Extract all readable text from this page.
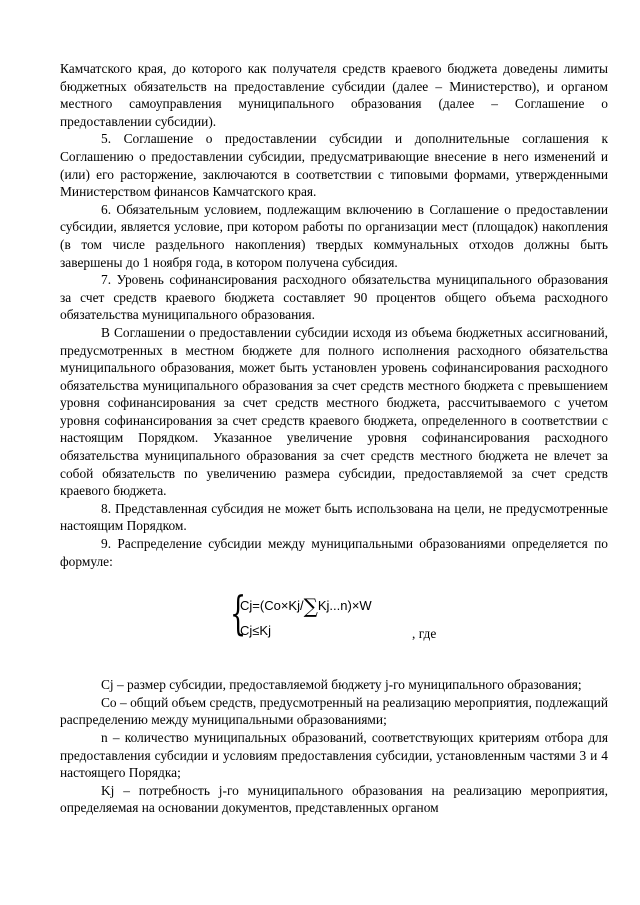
Камчатского края, до которого как получателя средств краевого бюджета доведены лимиты бюджетных обязательств на предоставление субсидии (далее – Министерство), и органом местного самоуправления муниципального образования (далее – Соглашение о предоставлении субсидии).

5. Соглашение о предоставлении субсидии и дополнительные соглашения к Соглашению о предоставлении субсидии, предусматривающие внесение в него изменений и (или) его расторжение, заключаются в соответствии с типовыми формами, утвержденными Министерством финансов Камчатского края.

6. Обязательным условием, подлежащим включению в Соглашение о предоставлении субсидии, является условие, при котором работы по организации мест (площадок) накопления (в том числе раздельного накопления) твердых коммунальных отходов должны быть завершены до 1 ноября года, в котором получена субсидия.

7. Уровень софинансирования расходного обязательства муниципального образования за счет средств краевого бюджета составляет 90 процентов общего объема расходного обязательства муниципального образования.

В Соглашении о предоставлении субсидии исходя из объема бюджетных ассигнований, предусмотренных в местном бюджете для полного исполнения расходного обязательства муниципального образования, может быть установлен уровень софинансирования расходного обязательства муниципального образования за счет средств местного бюджета с превышением уровня софинансирования за счет средств местного бюджета, рассчитываемого с учетом уровня софинансирования за счет средств краевого бюджета, определенного в соответствии с настоящим Порядком. Указанное увеличение уровня софинансирования расходного обязательства муниципального образования за счет средств местного бюджета не влечет за собой обязательств по увеличению размера субсидии, предоставляемой за счет средств краевого бюджета.

8. Представленная субсидия не может быть использована на цели, не предусмотренные настоящим Порядком.

9. Распределение субсидии между муниципальными образованиями определяется по формуле:

{
Cj=(Co×Kj/∑Kj...n)×W
Cj≤Kj	, где

Cj – размер субсидии, предоставляемой бюджету j-го муниципального образования;

Co – общий объем средств, предусмотренный на реализацию мероприятия, подлежащий распределению между муниципальными образованиями;

n – количество муниципальных образований, соответствующих критериям отбора для предоставления субсидии и условиям предоставления субсидии, установленным частями 3 и 4 настоящего Порядка;

Kj – потребность j-го муниципального образования на реализацию мероприятия, определяемая на основании документов, представленных органом
